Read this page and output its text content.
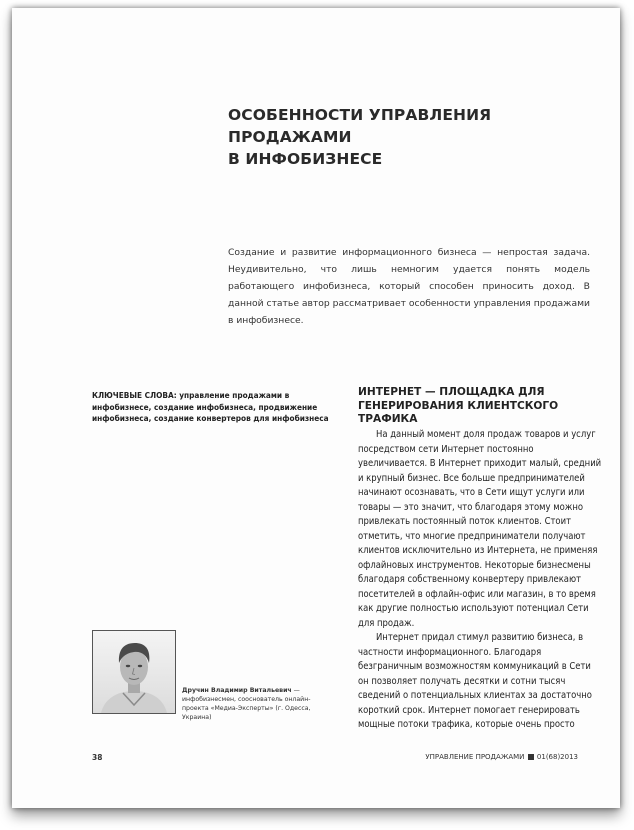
ОСОБЕННОСТИ УПРАВЛЕНИЯ ПРОДАЖАМИ
В ИНФОБИЗНЕСЕ
Создание и развитие информационного бизнеса — непростая задача. Неудивительно, что лишь немногим удается понять модель работающего инфобизнеса, который способен приносить доход. В данной статье автор рассматривает особенности управления продажами в инфобизнесе.
КЛЮЧЕВЫЕ СЛОВА: управление продажами в инфобизнесе, создание инфобизнеса, продвижение инфобизнеса, создание конвертеров для инфобизнеса
Дручин Владимир Витальевич — инфобизнесмен, сооснователь онлайн-проекта «Медиа-Эксперты» (г. Одесса, Украина)
ИНТЕРНЕТ — ПЛОЩАДКА ДЛЯ
ГЕНЕРИРОВАНИЯ КЛИЕНТСКОГО ТРАФИКА

На данный момент доля продаж товаров и услуг посредством сети Интернет постоянно увеличивается. В Интернет приходит малый, средний и крупный бизнес. Все больше предпринимателей начинают осознавать, что в Сети ищут услуги или товары — это значит, что благодаря этому можно привлекать постоянный поток клиентов. Стоит отметить, что многие предприниматели получают клиентов исключительно из Интернета, не применяя офлайновых инструментов. Некоторые бизнесмены благодаря собственному конвертеру привлекают посетителей в офлайн-офис или магазин, в то время как другие полностью используют потенциал Сети для продаж.

Интернет придал стимул развитию бизнеса, в частности информационного. Благодаря безграничным возможностям коммуникаций в Сети он позволяет получать десятки и сотни тысяч сведений о потенциальных клиентах за достаточно короткий срок. Интернет помогает генерировать мощные потоки трафика, которые очень просто

38	УПРАВЛЕНИЕ ПРОДАЖАМИ 01(68)2013
